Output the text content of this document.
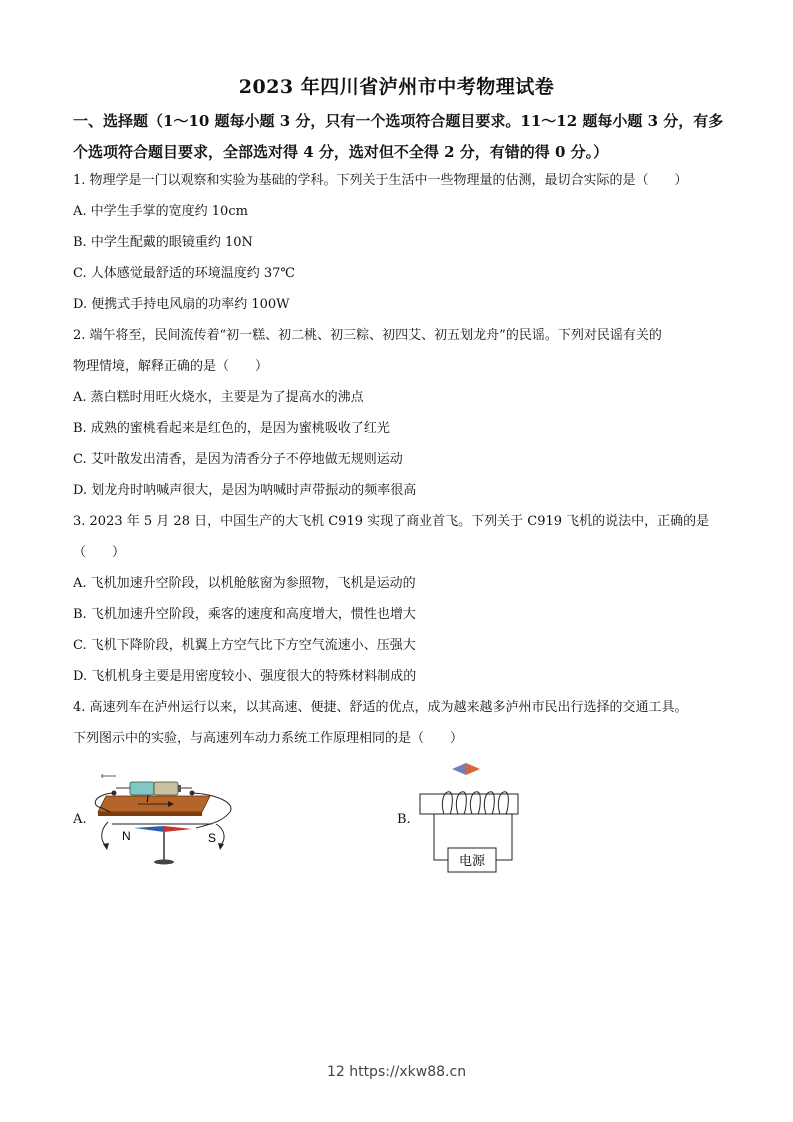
2023 年四川省泸州市中考物理试卷
一、选择题（1～10 题每小题 3 分，只有一个选项符合题目要求。11～12 题每小题 3 分，有多个选项符合题目要求，全部选对得 4 分，选对但不全得 2 分，有错的得 0 分。）
1. 物理学是一门以观察和实验为基础的学科。下列关于生活中一些物理量的估测，最切合实际的是（　　）
A. 中学生手掌的宽度约 10cm
B. 中学生配戴的眼镜重约 10N
C. 人体感觉最舒适的环境温度约 37℃
D. 便携式手持电风扇的功率约 100W
2. 端午将至，民间流传着“初一糕、初二桃、初三粽、初四艾、初五划龙舟”的民谣。下列对民谣有关的
物理情境，解释正确的是（　　）
A. 蒸白糕时用旺火烧水，主要是为了提高水的沸点
B. 成熟的蜜桃看起来是红色的，是因为蜜桃吸收了红光
C. 艾叶散发出清香，是因为清香分子不停地做无规则运动
D. 划龙舟时呐喊声很大，是因为呐喊时声带振动的频率很高
3. 2023 年 5 月 28 日，中国生产的大飞机 C919 实现了商业首飞。下列关于 C919 飞机的说法中，正确的是
（　　）
A. 飞机加速升空阶段，以机舱舷窗为参照物，飞机是运动的
B. 飞机加速升空阶段，乘客的速度和高度增大，惯性也增大
C. 飞机下降阶段，机翼上方空气比下方空气流速小、压强大
D. 飞机机身主要是用密度较小、强度很大的特殊材料制成的
4. 高速列车在泸州运行以来，以其高速、便捷、舒适的优点，成为越来越多泸州市民出行选择的交通工具。
下列图示中的实验，与高速列车动力系统工作原理相同的是（　　）
A.
I
N	S
B.
电源
12 https://xkw88.cn
